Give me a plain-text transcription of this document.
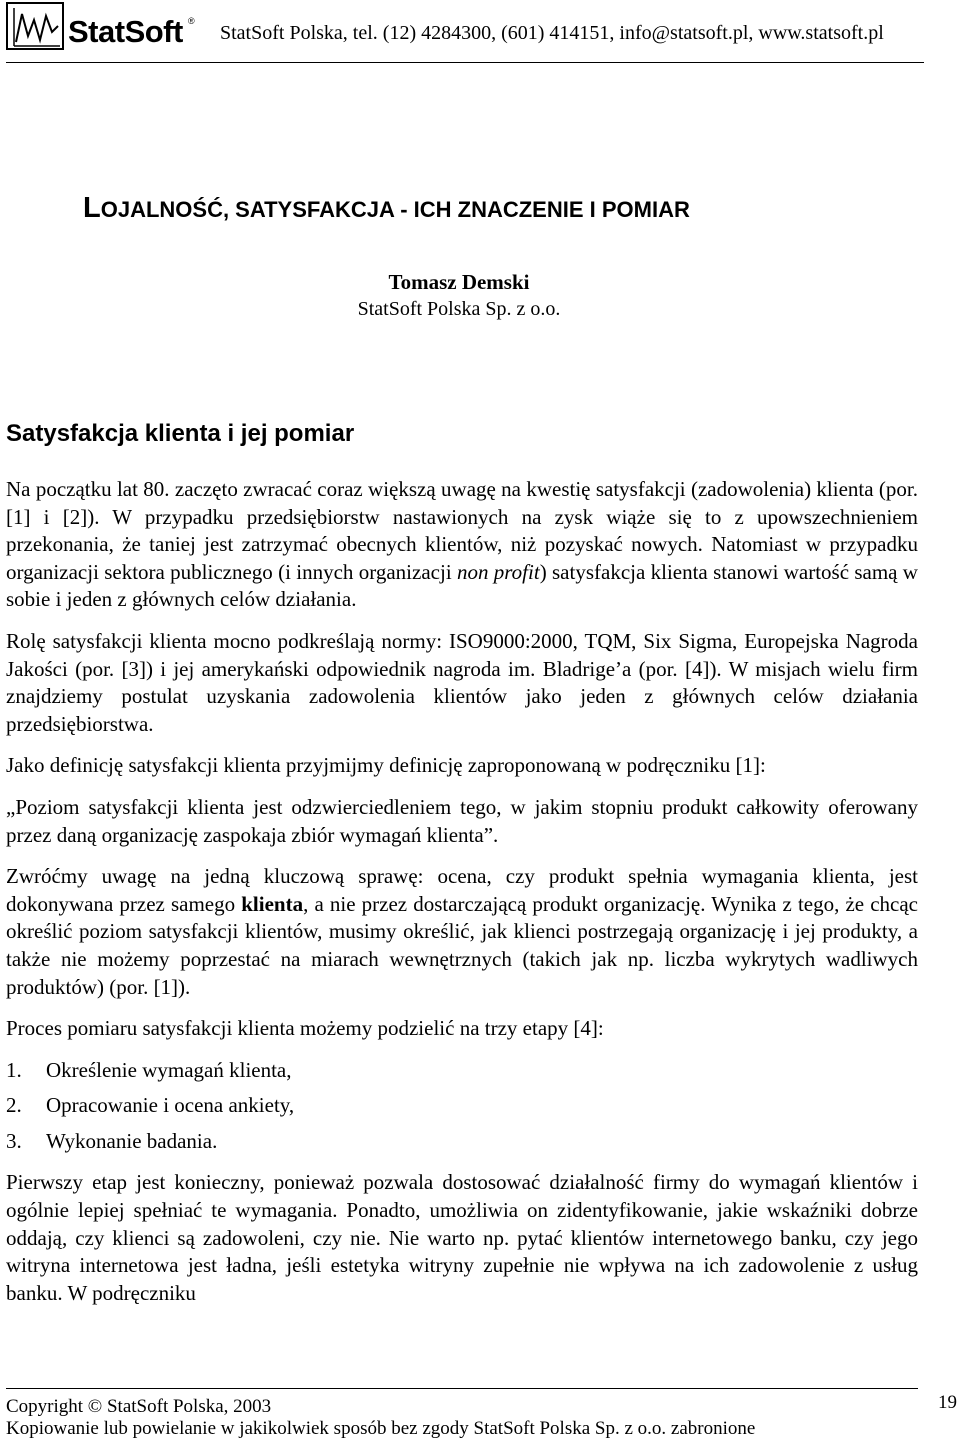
StatSoft ®
StatSoft Polska, tel. (12) 4284300, (601) 414151, info@statsoft.pl, www.statsoft.pl
LOJALNOŚĆ, SATYSFAKCJA - ICH ZNACZENIE I POMIAR
Tomasz Demski
StatSoft Polska Sp. z o.o.
Satysfakcja klienta i jej pomiar

Na początku lat 80. zaczęto zwracać coraz większą uwagę na kwestię satysfakcji (zadowolenia) klienta (por. [1] i [2]). W przypadku przedsiębiorstw nastawionych na zysk wiąże się to z upowszechnieniem przekonania, że taniej jest zatrzymać obecnych klientów, niż pozyskać nowych. Natomiast w przypadku organizacji sektora publicznego (i innych organizacji non profit) satysfakcja klienta stanowi wartość samą w sobie i jeden z głównych celów działania.

Rolę satysfakcji klienta mocno podkreślają normy: ISO9000:2000, TQM, Six Sigma, Europejska Nagroda Jakości (por. [3]) i jej amerykański odpowiednik nagroda im. Bladrige’a (por. [4]). W misjach wielu firm znajdziemy postulat uzyskania zadowolenia klientów jako jeden z głównych celów działania przedsiębiorstwa.

Jako definicję satysfakcji klienta przyjmijmy definicję zaproponowaną w podręczniku [1]:

„Poziom satysfakcji klienta jest odzwierciedleniem tego, w jakim stopniu produkt całkowity oferowany przez daną organizację zaspokaja zbiór wymagań klienta”.

Zwróćmy uwagę na jedną kluczową sprawę: ocena, czy produkt spełnia wymagania klienta, jest dokonywana przez samego klienta, a nie przez dostarczającą produkt organizację. Wynika z tego, że chcąc określić poziom satysfakcji klientów, musimy określić, jak klienci postrzegają organizację i jej produkty, a także nie możemy poprzestać na miarach wewnętrznych (takich jak np. liczba wykrytych wadliwych produktów) (por. [1]).

Proces pomiaru satysfakcji klienta możemy podzielić na trzy etapy [4]:

1.	Określenie wymagań klienta,
2.	Opracowanie i ocena ankiety,
3.	Wykonanie badania.

Pierwszy etap jest konieczny, ponieważ pozwala dostosować działalność firmy do wymagań klientów i ogólnie lepiej spełniać te wymagania. Ponadto, umożliwia on zidentyfikowanie, jakie wskaźniki dobrze oddają, czy klienci są zadowoleni, czy nie. Nie warto np. pytać klientów internetowego banku, czy jego witryna internetowa jest ładna, jeśli estetyka witryny zupełnie nie wpływa na ich zadowolenie z usług banku. W podręczniku

Copyright © StatSoft Polska, 2003
Kopiowanie lub powielanie w jakikolwiek sposób bez zgody StatSoft Polska Sp. z o.o. zabronione
19
